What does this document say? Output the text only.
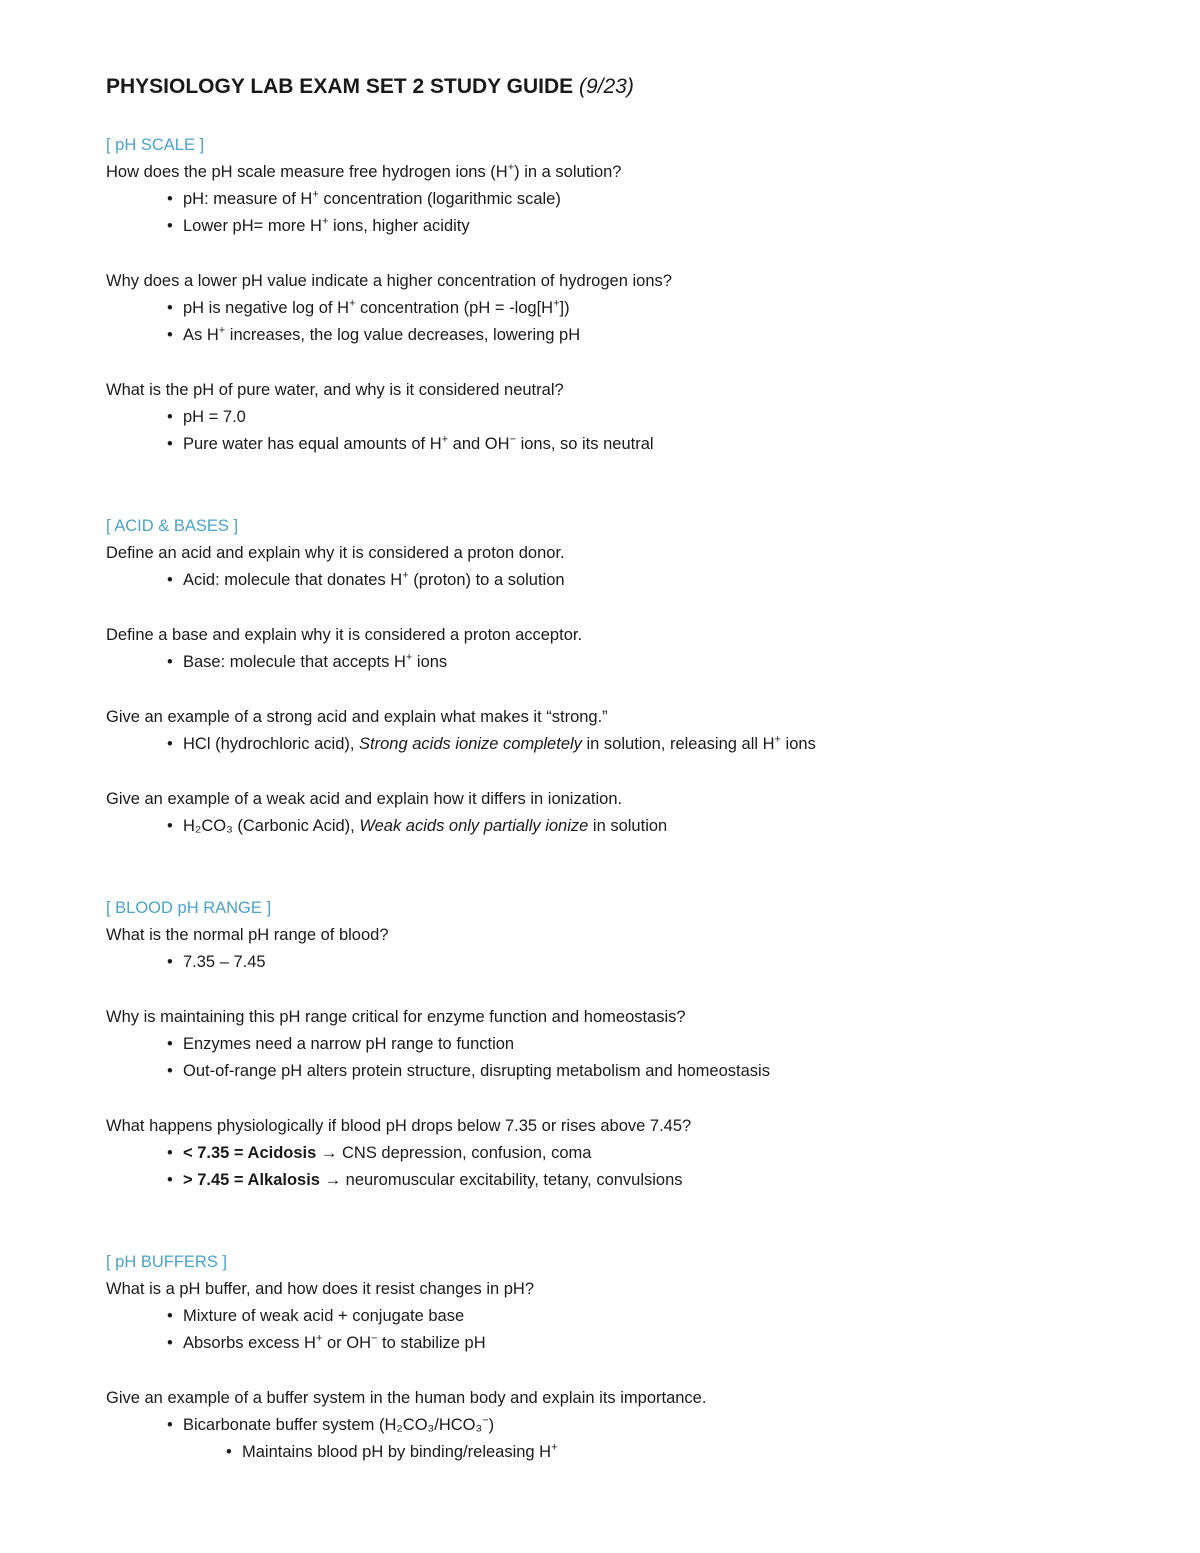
PHYSIOLOGY LAB EXAM SET 2 STUDY GUIDE (9/23)
[ pH SCALE ]
How does the pH scale measure free hydrogen ions (H+) in a solution?
• pH: measure of H+ concentration (logarithmic scale)
• Lower pH= more H+ ions, higher acidity
Why does a lower pH value indicate a higher concentration of hydrogen ions?
• pH is negative log of H+ concentration (pH = -log[H+])
• As H+ increases, the log value decreases, lowering pH
What is the pH of pure water, and why is it considered neutral?
• pH = 7.0
• Pure water has equal amounts of H+ and OH− ions, so its neutral
[ ACID & BASES ]
Define an acid and explain why it is considered a proton donor.
• Acid: molecule that donates H+ (proton) to a solution
Define a base and explain why it is considered a proton acceptor.
• Base: molecule that accepts H+ ions
Give an example of a strong acid and explain what makes it “strong.”
• HCl (hydrochloric acid), Strong acids ionize completely in solution, releasing all H+ ions
Give an example of a weak acid and explain how it differs in ionization.
• H₂CO₃ (Carbonic Acid), Weak acids only partially ionize in solution
[ BLOOD pH RANGE ]
What is the normal pH range of blood?
• 7.35 – 7.45
Why is maintaining this pH range critical for enzyme function and homeostasis?
• Enzymes need a narrow pH range to function
• Out-of-range pH alters protein structure, disrupting metabolism and homeostasis
What happens physiologically if blood pH drops below 7.35 or rises above 7.45?
• < 7.35 = Acidosis → CNS depression, confusion, coma
• > 7.45 = Alkalosis → neuromuscular excitability, tetany, convulsions
[ pH BUFFERS ]
What is a pH buffer, and how does it resist changes in pH?
• Mixture of weak acid + conjugate base
• Absorbs excess H+ or OH− to stabilize pH
Give an example of a buffer system in the human body and explain its importance.
• Bicarbonate buffer system (H₂CO₃/HCO₃−)
• Maintains blood pH by binding/releasing H+
